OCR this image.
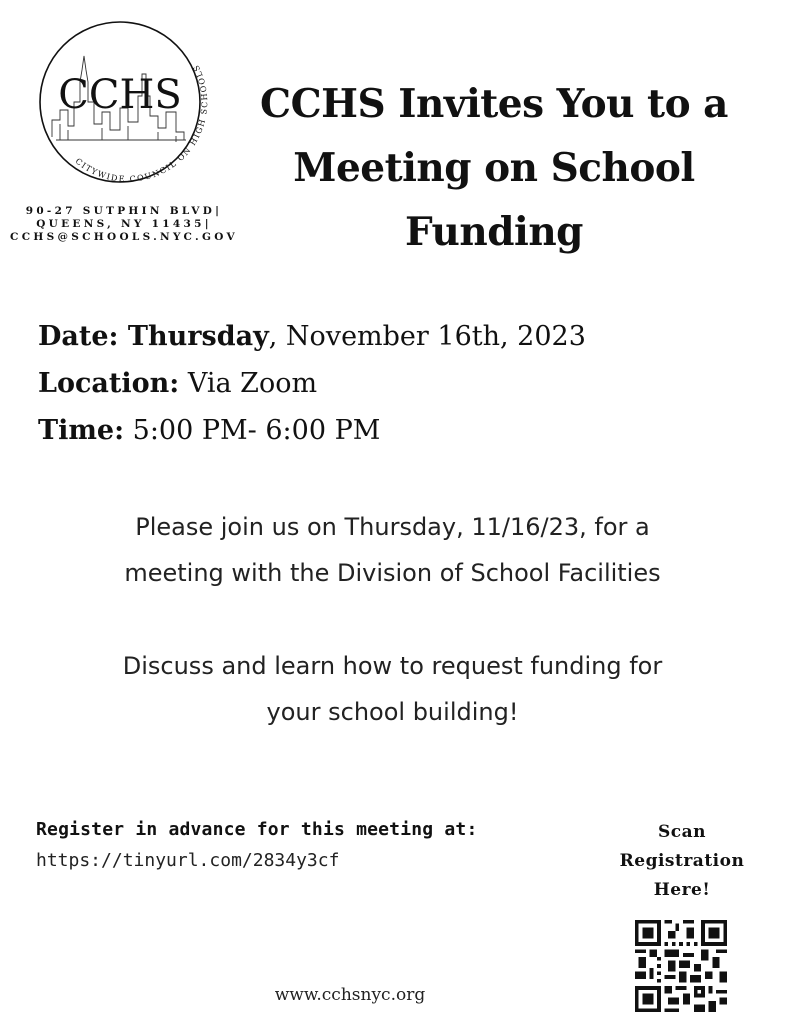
CCHS
CITYWIDE COUNCIL ON HIGH SCHOOLS
90-27 SUTPHIN BLVD|
QUEENS, NY 11435|
CCHS@SCHOOLS.NYC.GOV
CCHS Invites You to a
Meeting on School
Funding
Date: Thursday, November 16th, 2023
Location: Via Zoom
Time: 5:00 PM- 6:00 PM
Please join us on Thursday, 11/16/23, for a
meeting with the Division of School Facilities
Discuss and learn how to request funding for
your school building!
Register in advance for this meeting at:
https://tinyurl.com/2834y3cf
Scan
Registration
Here!
www.cchsnyc.org
